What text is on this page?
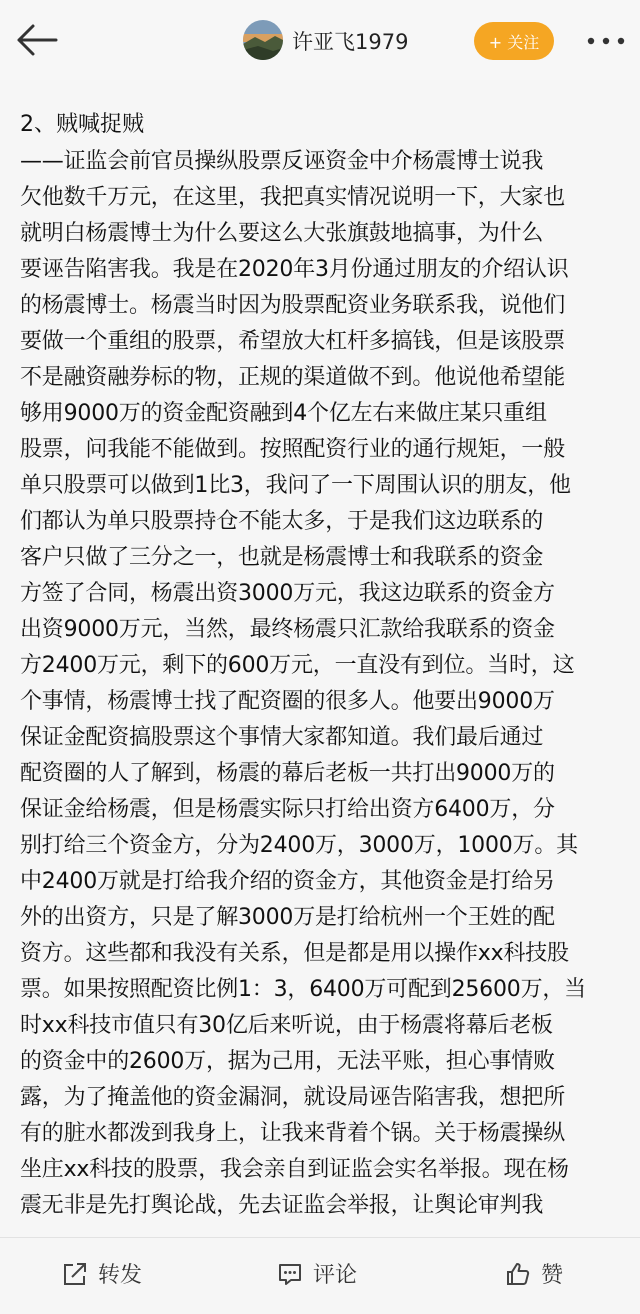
许亚飞1979	+ 关注
2、贼喊捉贼

——证监会前官员操纵股票反诬资金中介杨震博士说我

欠他数千万元，在这里，我把真实情况说明一下，大家也

就明白杨震博士为什么要这么大张旗鼓地搞事，为什么

要诬告陷害我。我是在2020年3月份通过朋友的介绍认识

的杨震博士。杨震当时因为股票配资业务联系我，说他们

要做一个重组的股票，希望放大杠杆多搞钱，但是该股票

不是融资融券标的物，正规的渠道做不到。他说他希望能

够用9000万的资金配资融到4个亿左右来做庄某只重组

股票，问我能不能做到。按照配资行业的通行规矩，一般

单只股票可以做到1比3，我问了一下周围认识的朋友，他

们都认为单只股票持仓不能太多，于是我们这边联系的

客户只做了三分之一，也就是杨震博士和我联系的资金

方签了合同，杨震出资3000万元，我这边联系的资金方

出资9000万元，当然，最终杨震只汇款给我联系的资金

方2400万元，剩下的600万元，一直没有到位。当时，这

个事情，杨震博士找了配资圈的很多人。他要出9000万

保证金配资搞股票这个事情大家都知道。我们最后通过

配资圈的人了解到，杨震的幕后老板一共打出9000万的

保证金给杨震，但是杨震实际只打给出资方6400万，分

别打给三个资金方，分为2400万，3000万，1000万。其

中2400万就是打给我介绍的资金方，其他资金是打给另

外的出资方，只是了解3000万是打给杭州一个王姓的配

资方。这些都和我没有关系，但是都是用以操作xx科技股

票。如果按照配资比例1：3，6400万可配到25600万，当

时xx科技市值只有30亿后来听说，由于杨震将幕后老板

的资金中的2600万，据为己用，无法平账，担心事情败

露，为了掩盖他的资金漏洞，就设局诬告陷害我，想把所

有的脏水都泼到我身上，让我来背着个锅。关于杨震操纵

坐庄xx科技的股票，我会亲自到证监会实名举报。现在杨

震无非是先打舆论战，先去证监会举报，让舆论审判我

转发	评论	赞
